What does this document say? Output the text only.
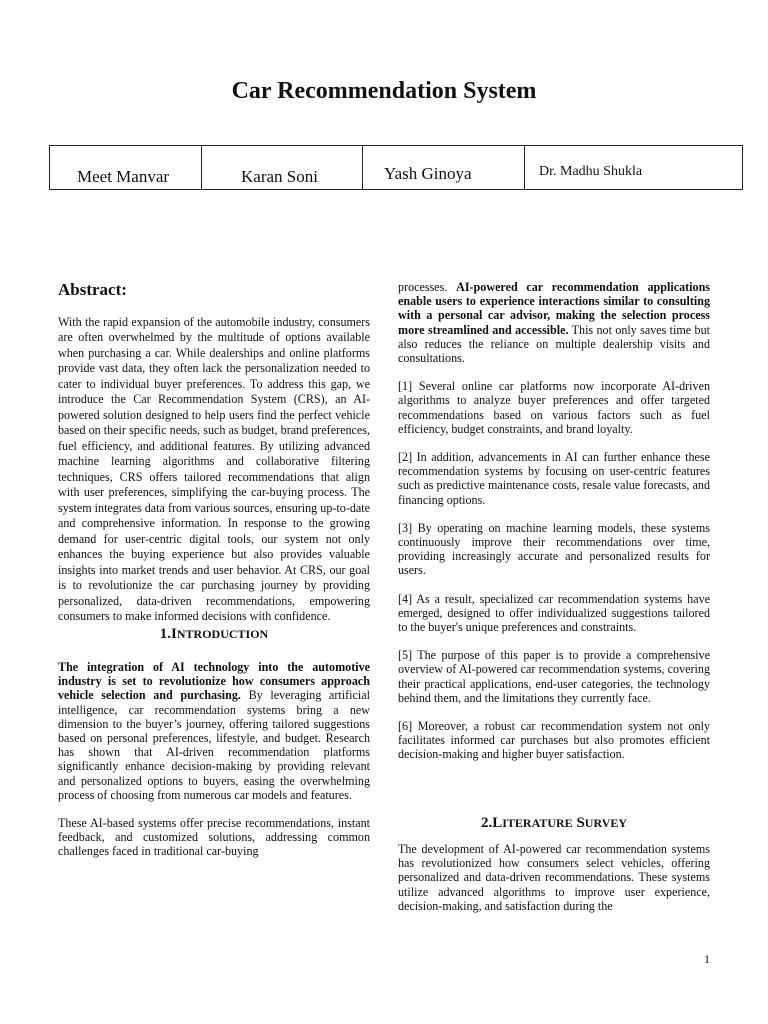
Car Recommendation System
Meet Manvar	Karan Soni	Yash Ginoya	Dr. Madhu Shukla
Abstract:

With the rapid expansion of the automobile industry, consumers are often overwhelmed by the multitude of options available when purchasing a car. While dealerships and online platforms provide vast data, they often lack the personalization needed to cater to individual buyer preferences. To address this gap, we introduce the Car Recommendation System (CRS), an AI-powered solution designed to help users find the perfect vehicle based on their specific needs, such as budget, brand preferences, fuel efficiency, and additional features. By utilizing advanced machine learning algorithms and collaborative filtering techniques, CRS offers tailored recommendations that align with user preferences, simplifying the car-buying process. The system integrates data from various sources, ensuring up-to-date and comprehensive information. In response to the growing demand for user-centric digital tools, our system not only enhances the buying experience but also provides valuable insights into market trends and user behavior. At CRS, our goal is to revolutionize the car purchasing journey by providing personalized, data-driven recommendations, empowering consumers to make informed decisions with confidence.

1.INTRODUCTION

The integration of AI technology into the automotive industry is set to revolutionize how consumers approach vehicle selection and purchasing. By leveraging artificial intelligence, car recommendation systems bring a new dimension to the buyer’s journey, offering tailored suggestions based on personal preferences, lifestyle, and budget. Research has shown that AI-driven recommendation platforms significantly enhance decision-making by providing relevant and personalized options to buyers, easing the overwhelming process of choosing from numerous car models and features.

These AI-based systems offer precise recommendations, instant feedback, and customized solutions, addressing common challenges faced in traditional car-buying

processes. AI-powered car recommendation applications enable users to experience interactions similar to consulting with a personal car advisor, making the selection process more streamlined and accessible. This not only saves time but also reduces the reliance on multiple dealership visits and consultations.

[1] Several online car platforms now incorporate AI-driven algorithms to analyze buyer preferences and offer targeted recommendations based on various factors such as fuel efficiency, budget constraints, and brand loyalty.

[2] In addition, advancements in AI can further enhance these recommendation systems by focusing on user-centric features such as predictive maintenance costs, resale value forecasts, and financing options.

[3] By operating on machine learning models, these systems continuously improve their recommendations over time, providing increasingly accurate and personalized results for users.

[4] As a result, specialized car recommendation systems have emerged, designed to offer individualized suggestions tailored to the buyer's unique preferences and constraints.

[5] The purpose of this paper is to provide a comprehensive overview of AI-powered car recommendation systems, covering their practical applications, end-user categories, the technology behind them, and the limitations they currently face.

[6] Moreover, a robust car recommendation system not only facilitates informed car purchases but also promotes efficient decision-making and higher buyer satisfaction.

2.LITERATURE SURVEY

The development of AI-powered car recommendation systems has revolutionized how consumers select vehicles, offering personalized and data-driven recommendations. These systems utilize advanced algorithms to improve user experience, decision-making, and satisfaction during the

1
